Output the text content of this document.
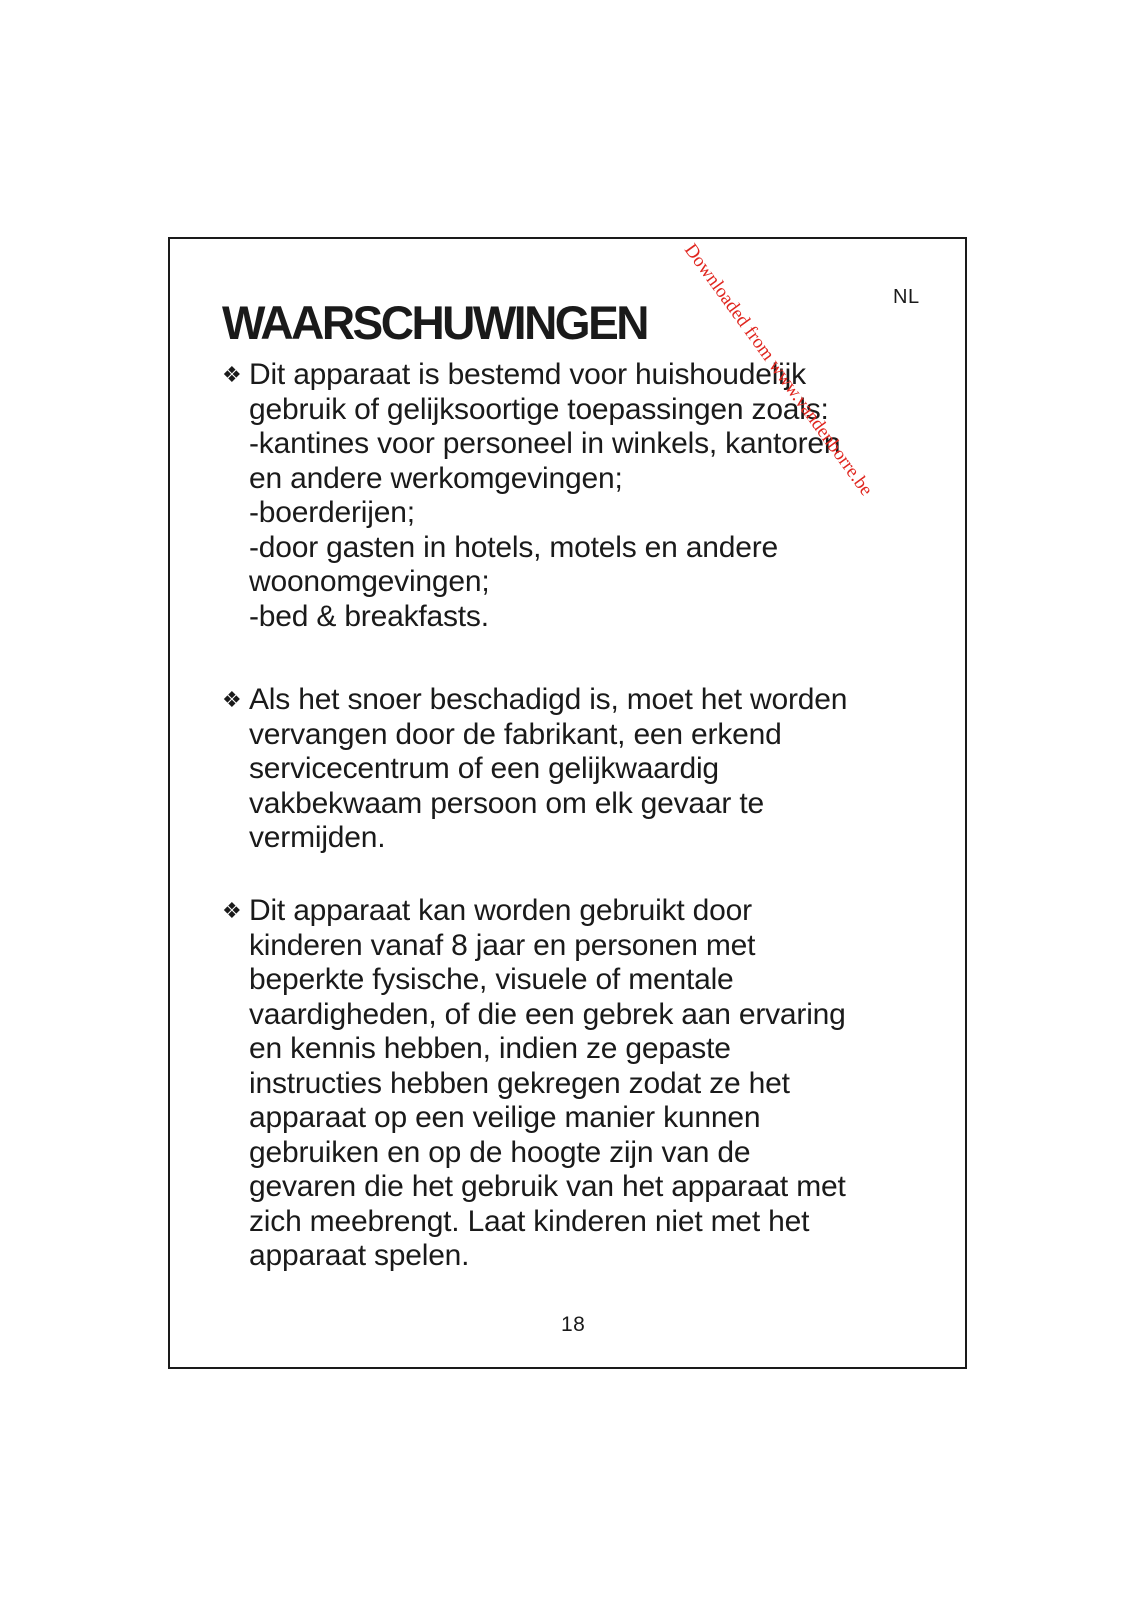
NL
WAARSCHUWINGEN
❖ Dit apparaat is bestemd voor huishoudelijk
gebruik of gelijksoortige toepassingen zoals:
-kantines voor personeel in winkels, kantoren
en andere werkomgevingen;
-boerderijen;
-door gasten in hotels, motels en andere
woonomgevingen;
-bed & breakfasts.
❖ Als het snoer beschadigd is, moet het worden
vervangen door de fabrikant, een erkend
servicecentrum of een gelijkwaardig
vakbekwaam persoon om elk gevaar te
vermijden.
❖ Dit apparaat kan worden gebruikt door
kinderen vanaf 8 jaar en personen met
beperkte fysische, visuele of mentale
vaardigheden, of die een gebrek aan ervaring
en kennis hebben, indien ze gepaste
instructies hebben gekregen zodat ze het
apparaat op een veilige manier kunnen
gebruiken en op de hoogte zijn van de
gevaren die het gebruik van het apparaat met
zich meebrengt. Laat kinderen niet met het
apparaat spelen.
18
Downloaded from www.vandenborre.be
